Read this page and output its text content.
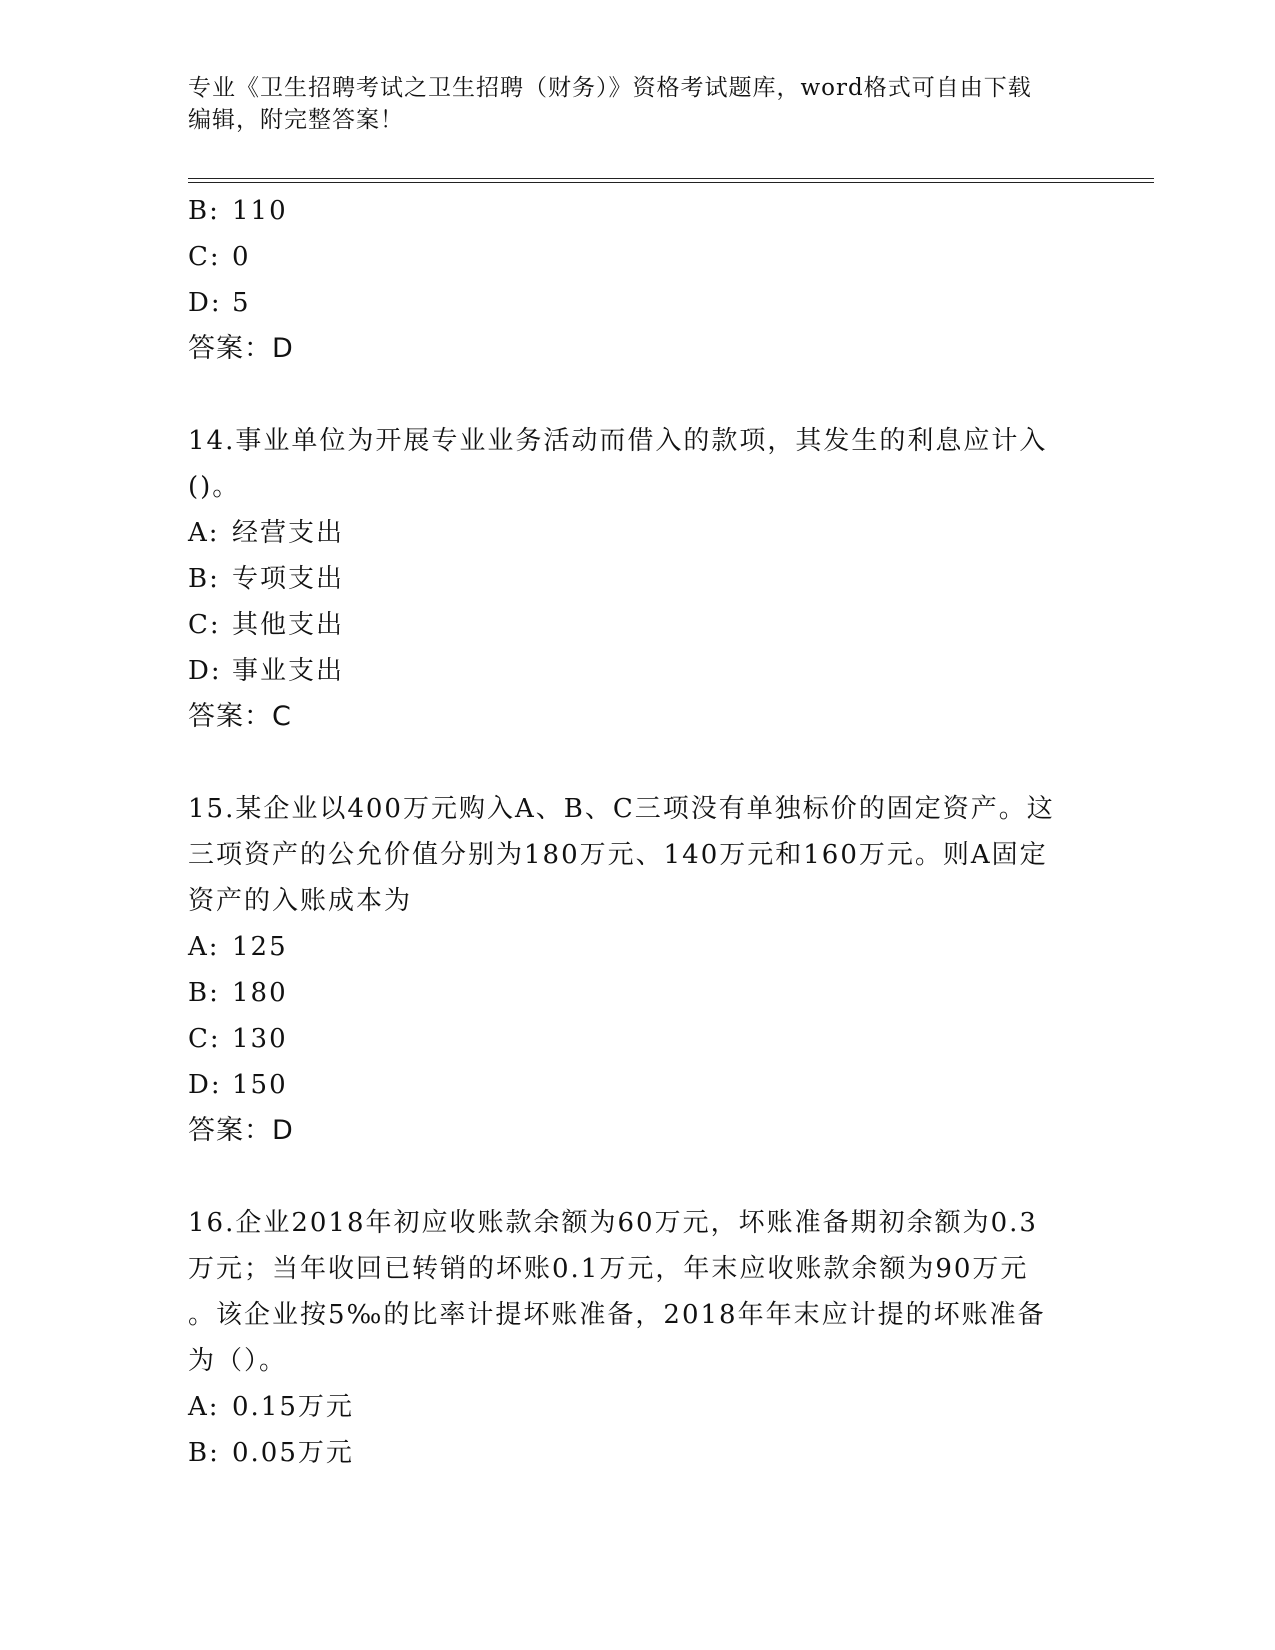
专业《卫生招聘考试之卫生招聘（财务）》资格考试题库，word格式可自由下载
编辑，附完整答案！
B: 110
C: 0
D: 5
答案：D
14.事业单位为开展专业业务活动而借入的款项，其发生的利息应计入
()。
A: 经营支出
B: 专项支出
C: 其他支出
D: 事业支出
答案：C
15.某企业以400万元购入A、B、C三项没有单独标价的固定资产。这
三项资产的公允价值分别为180万元、140万元和160万元。则A固定
资产的入账成本为
A: 125
B: 180
C: 130
D: 150
答案：D
16.企业2018年初应收账款余额为60万元，坏账准备期初余额为0.3
万元；当年收回已转销的坏账0.1万元，年末应收账款余额为90万元
。该企业按5‰的比率计提坏账准备，2018年年末应计提的坏账准备
为（）。
A: 0.15万元
B: 0.05万元
